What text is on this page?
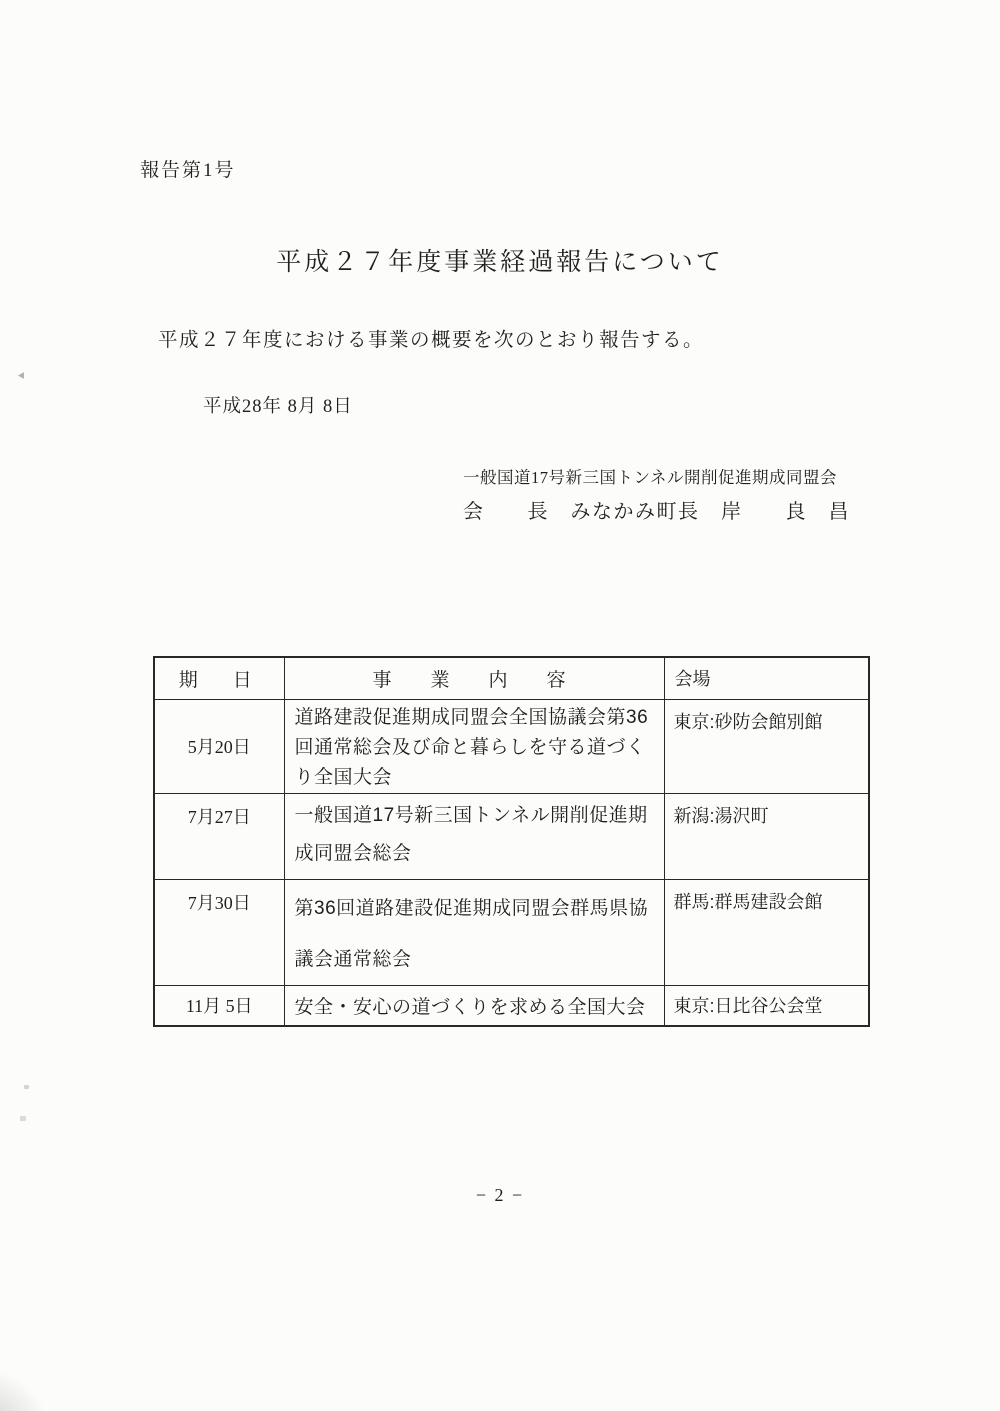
報告第1号
平成２７年度事業経過報告について
平成２７年度における事業の概要を次のとおり報告する。
平成28年 8月 8日
一般国道17号新三国トンネル開削促進期成同盟会
会　　長　みなかみ町長　岸　　良　昌
期　日	事　業　内　容	会場
5月20日	道路建設促進期成同盟会全国協議会第36回通常総会及び命と暮らしを守る道づくり全国大会	東京:砂防会館別館
7月27日	一般国道17号新三国トンネル開削促進期成同盟会総会	新潟:湯沢町
7月30日	第36回道路建設促進期成同盟会群馬県協議会通常総会	群馬:群馬建設会館
11月 5日	安全・安心の道づくりを求める全国大会	東京:日比谷公会堂
− 2 −
